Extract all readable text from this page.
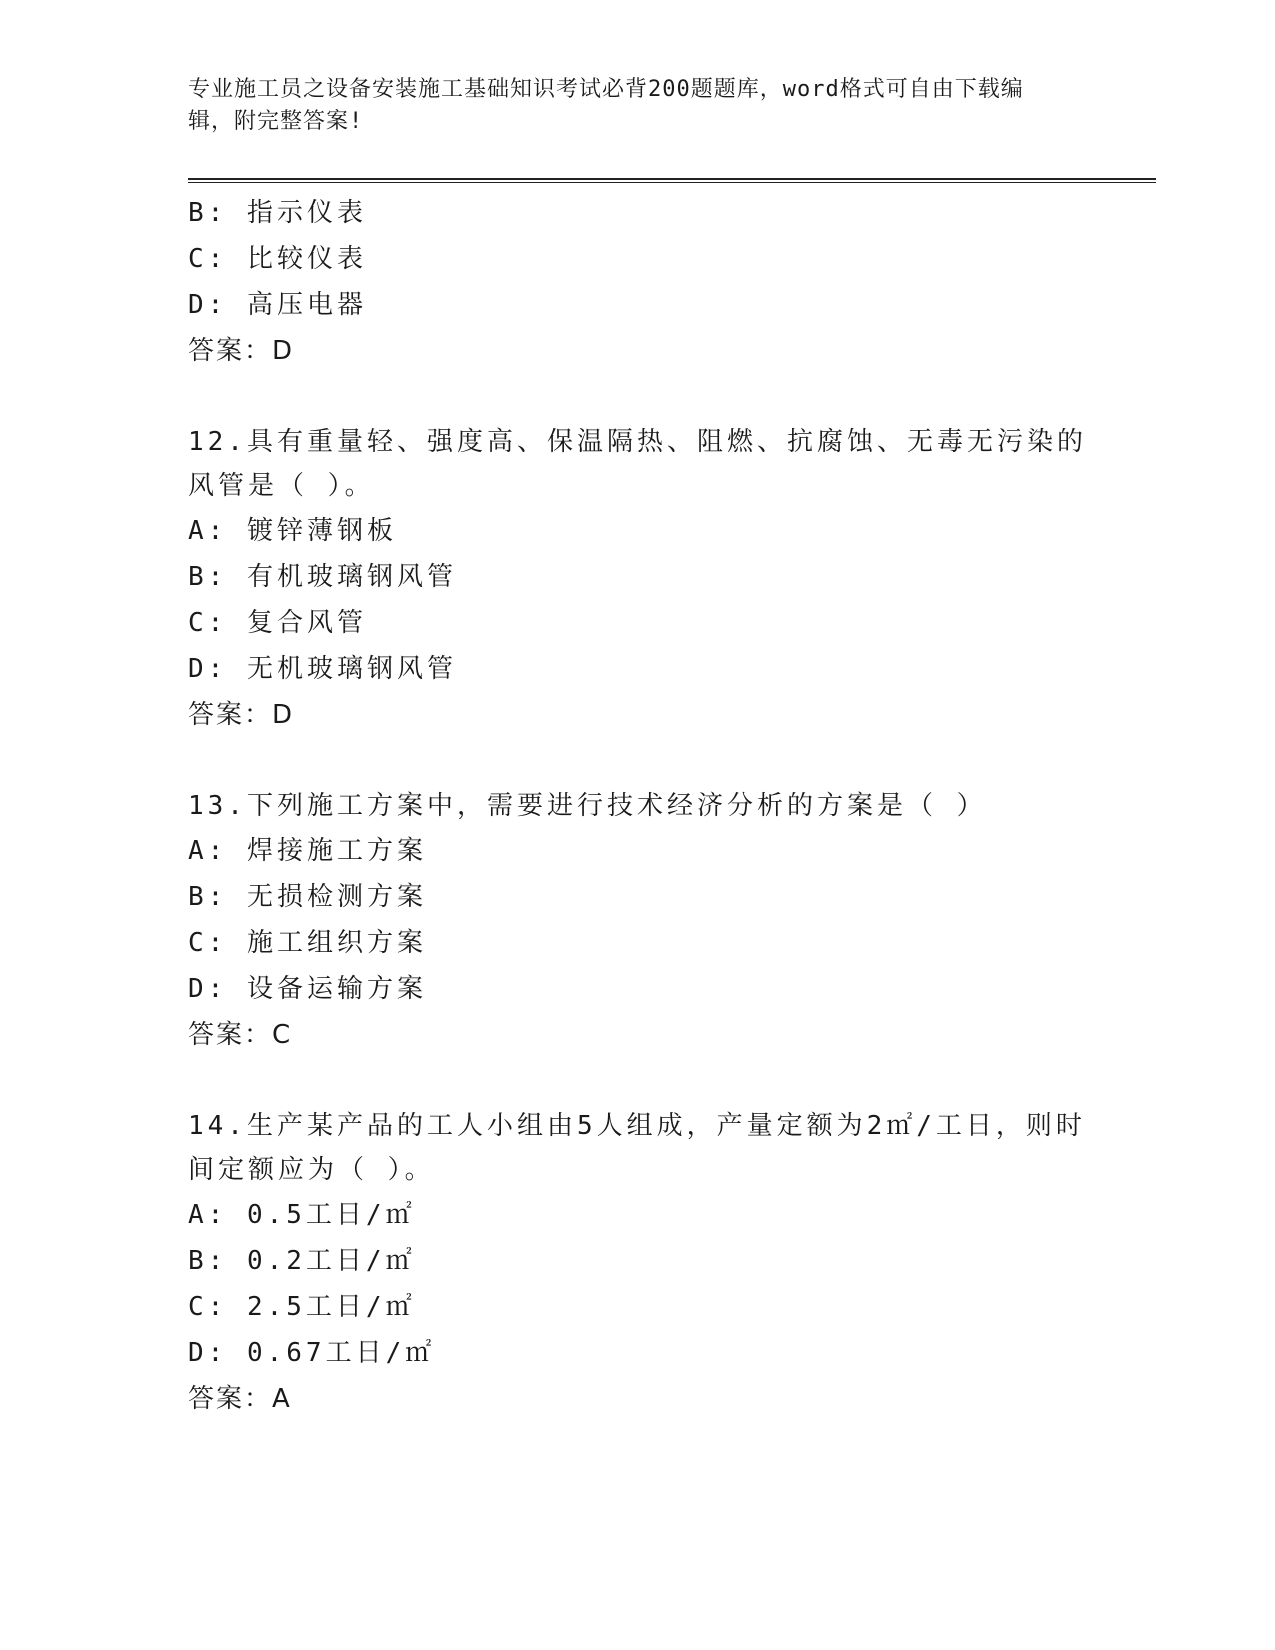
专业施工员之设备安装施工基础知识考试必背200题题库，word格式可自由下载编辑，附完整答案!
B: 指示仪表
C: 比较仪表
D: 高压电器
答案：D
12.具有重量轻、强度高、保温隔热、阻燃、抗腐蚀、无毒无污染的风管是（ ）。
A: 镀锌薄钢板
B: 有机玻璃钢风管
C: 复合风管
D: 无机玻璃钢风管
答案：D
13.下列施工方案中，需要进行技术经济分析的方案是（ ）
A: 焊接施工方案
B: 无损检测方案
C: 施工组织方案
D: 设备运输方案
答案：C
14.生产某产品的工人小组由5人组成，产量定额为2㎡/工日，则时间定额应为（ ）。
A: 0.5工日/㎡
B: 0.2工日/㎡
C: 2.5工日/㎡
D: 0.67工日/㎡
答案：A
